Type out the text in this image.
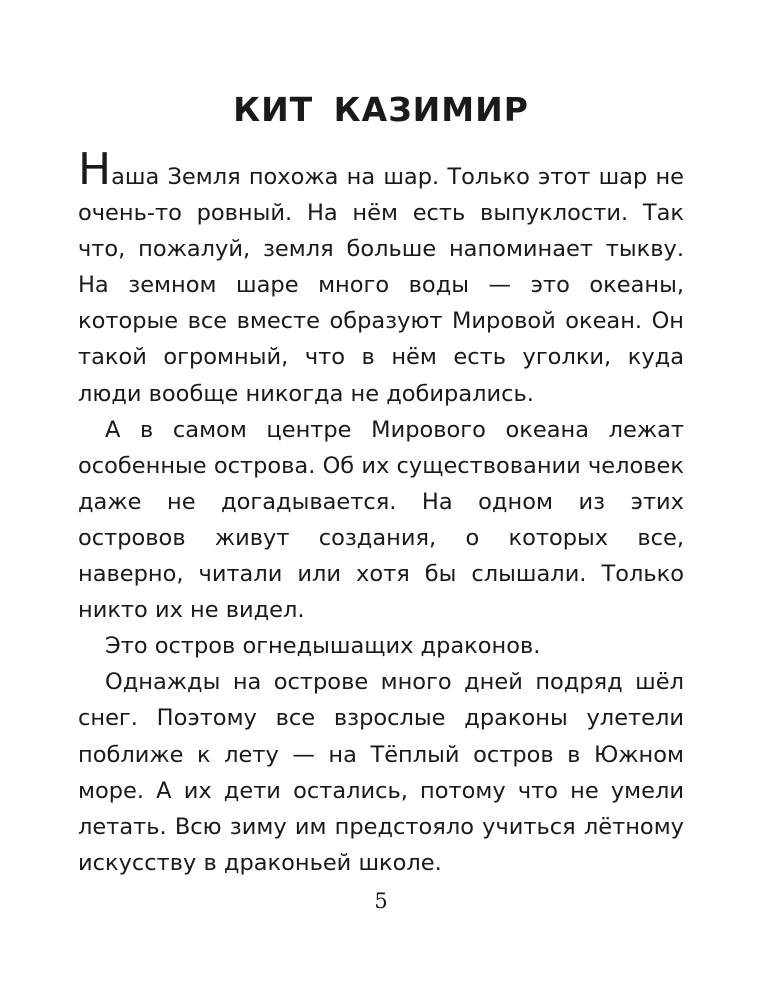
КИТ КАЗИМИР

Наша Земля похожа на шар. Только этот шар не очень-то ровный. На нём есть выпуклости. Так что, пожалуй, земля больше напоминает тыкву. На земном шаре много воды — это океаны, которые все вместе образуют Мировой океан. Он такой огромный, что в нём есть уголки, куда люди вообще никогда не добирались.

А в самом центре Мирового океана лежат особенные острова. Об их существовании человек даже не догадывается. На одном из этих островов живут создания, о которых все, наверно, читали или хотя бы слышали. Только никто их не видел.

Это остров огнедышащих драконов.

Однажды на острове много дней подряд шёл снег. Поэтому все взрослые драконы улетели поближе к лету — на Тёплый остров в Южном море. А их дети остались, потому что не умели летать. Всю зиму им предстояло учиться лётному искусству в драконьей школе.

5
